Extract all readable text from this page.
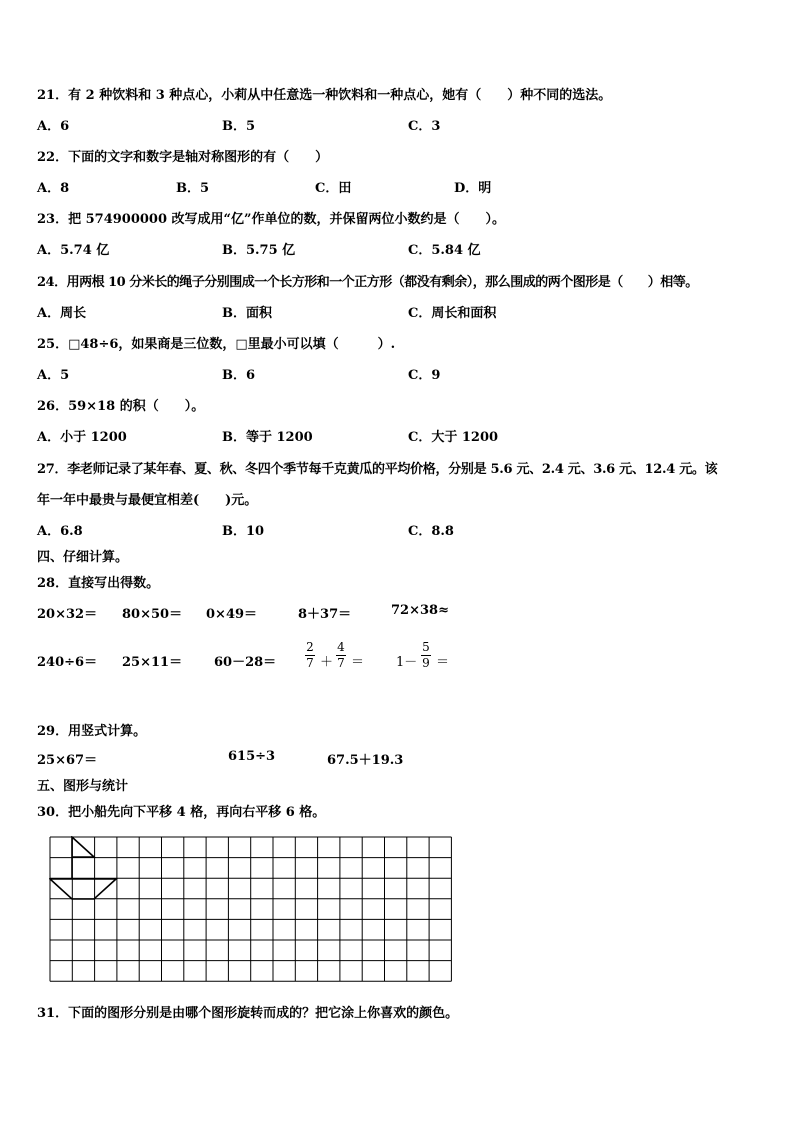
21．有 2 种饮料和 3 种点心，小莉从中任意选一种饮料和一种点心，她有（　　）种不同的选法。
A．6	B．5	C．3
22．下面的文字和数字是轴对称图形的有（　　）
A．8	B．5	C．田	D．明
23．把 574900000 改写成用“亿”作单位的数，并保留两位小数约是（　　）。
A．5.74 亿	B．5.75 亿	C．5.84 亿
24．用两根 10 分米长的绳子分别围成一个长方形和一个正方形（都没有剩余），那么围成的两个图形是（　　）相等。
A．周长	B．面积	C．周长和面积
25．□48÷6，如果商是三位数，□里最小可以填（　　　）.
A．5	B．6	C．9
26．59×18 的积（　　）。
A．小于 1200	B．等于 1200	C．大于 1200
27．李老师记录了某年春、夏、秋、冬四个季节每千克黄瓜的平均价格，分别是 5.6 元、2.4 元、3.6 元、12.4 元。该
年一年中最贵与最便宜相差(　　)元。
A．6.8	B．10	C．8.8
四、仔细计算。
28．直接写出得数。
20×32＝ 80×50＝ 0×49＝	8＋37＝	72×38≈
240÷6＝ 25×11＝ 60－28＝
2
7 ＋
4
7 ＝ 1－
5
9 ＝
29．用竖式计算。
25×67＝	615÷3	67.5＋19.3
五、图形与统计
30．把小船先向下平移 4 格，再向右平移 6 格。
31．下面的图形分别是由哪个图形旋转而成的？把它涂上你喜欢的颜色。
